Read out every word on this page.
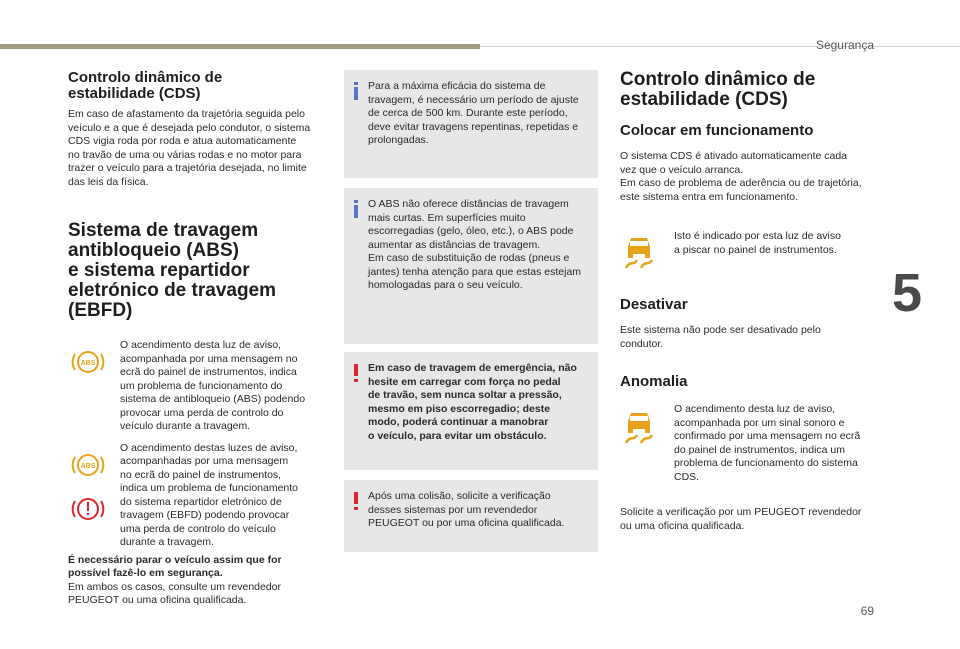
Segurança
5
69
Controlo dinâmico de
estabilidade (CDS)

Em caso de afastamento da trajetória seguida pelo
veículo e a que é desejada pelo condutor, o sistema
CDS vigia roda por roda e atua automaticamente
no travão de uma ou várias rodas e no motor para
trazer o veículo para a trajetória desejada, no limite
das leis da física.

Sistema de travagem
antibloqueio (ABS)
e sistema repartidor
eletrónico de travagem
(EBFD)
ABS

O acendimento desta luz de aviso,
acompanhada por uma mensagem no
ecrã do painel de instrumentos, indica
um problema de funcionamento do
sistema de antibloqueio (ABS) podendo
provocar uma perda de controlo do
veículo durante a travagem.

ABS

O acendimento destas luzes de aviso,
acompanhadas por uma mensagem
no ecrã do painel de instrumentos,
indica um problema de funcionamento
do sistema repartidor eletrónico de
travagem (EBFD) podendo provocar
uma perda de controlo do veículo
durante a travagem.

É necessário parar o veículo assim que for
possível fazê-lo em segurança.

Em ambos os casos, consulte um revendedor
PEUGEOT ou uma oficina qualificada.

Para a máxima eficácia do sistema de
travagem, é necessário um período de ajuste
de cerca de 500 km. Durante este período,
deve evitar travagens repentinas, repetidas e
prolongadas.

O ABS não oferece distâncias de travagem
mais curtas. Em superfícies muito
escorregadias (gelo, óleo, etc.), o ABS pode
aumentar as distâncias de travagem.
Em caso de substituição de rodas (pneus e
jantes) tenha atenção para que estas estejam
homologadas para o seu veículo.

Em caso de travagem de emergência, não
hesite em carregar com força no pedal
de travão, sem nunca soltar a pressão,
mesmo em piso escorregadio; deste
modo, poderá continuar a manobrar
o veículo, para evitar um obstáculo.

Após uma colisão, solicite a verificação
desses sistemas por um revendedor
PEUGEOT ou por uma oficina qualificada.

Controlo dinâmico de
estabilidade (CDS)
Colocar em funcionamento

O sistema CDS é ativado automaticamente cada
vez que o veículo arranca.
Em caso de problema de aderência ou de trajetória,
este sistema entra em funcionamento.

Isto é indicado por esta luz de aviso
a piscar no painel de instrumentos.

Desativar

Este sistema não pode ser desativado pelo
condutor.

Anomalia

O acendimento desta luz de aviso,
acompanhada por um sinal sonoro e
confirmado por uma mensagem no ecrã
do painel de instrumentos, indica um
problema de funcionamento do sistema
CDS.

Solicite a verificação por um PEUGEOT revendedor
ou uma oficina qualificada.
